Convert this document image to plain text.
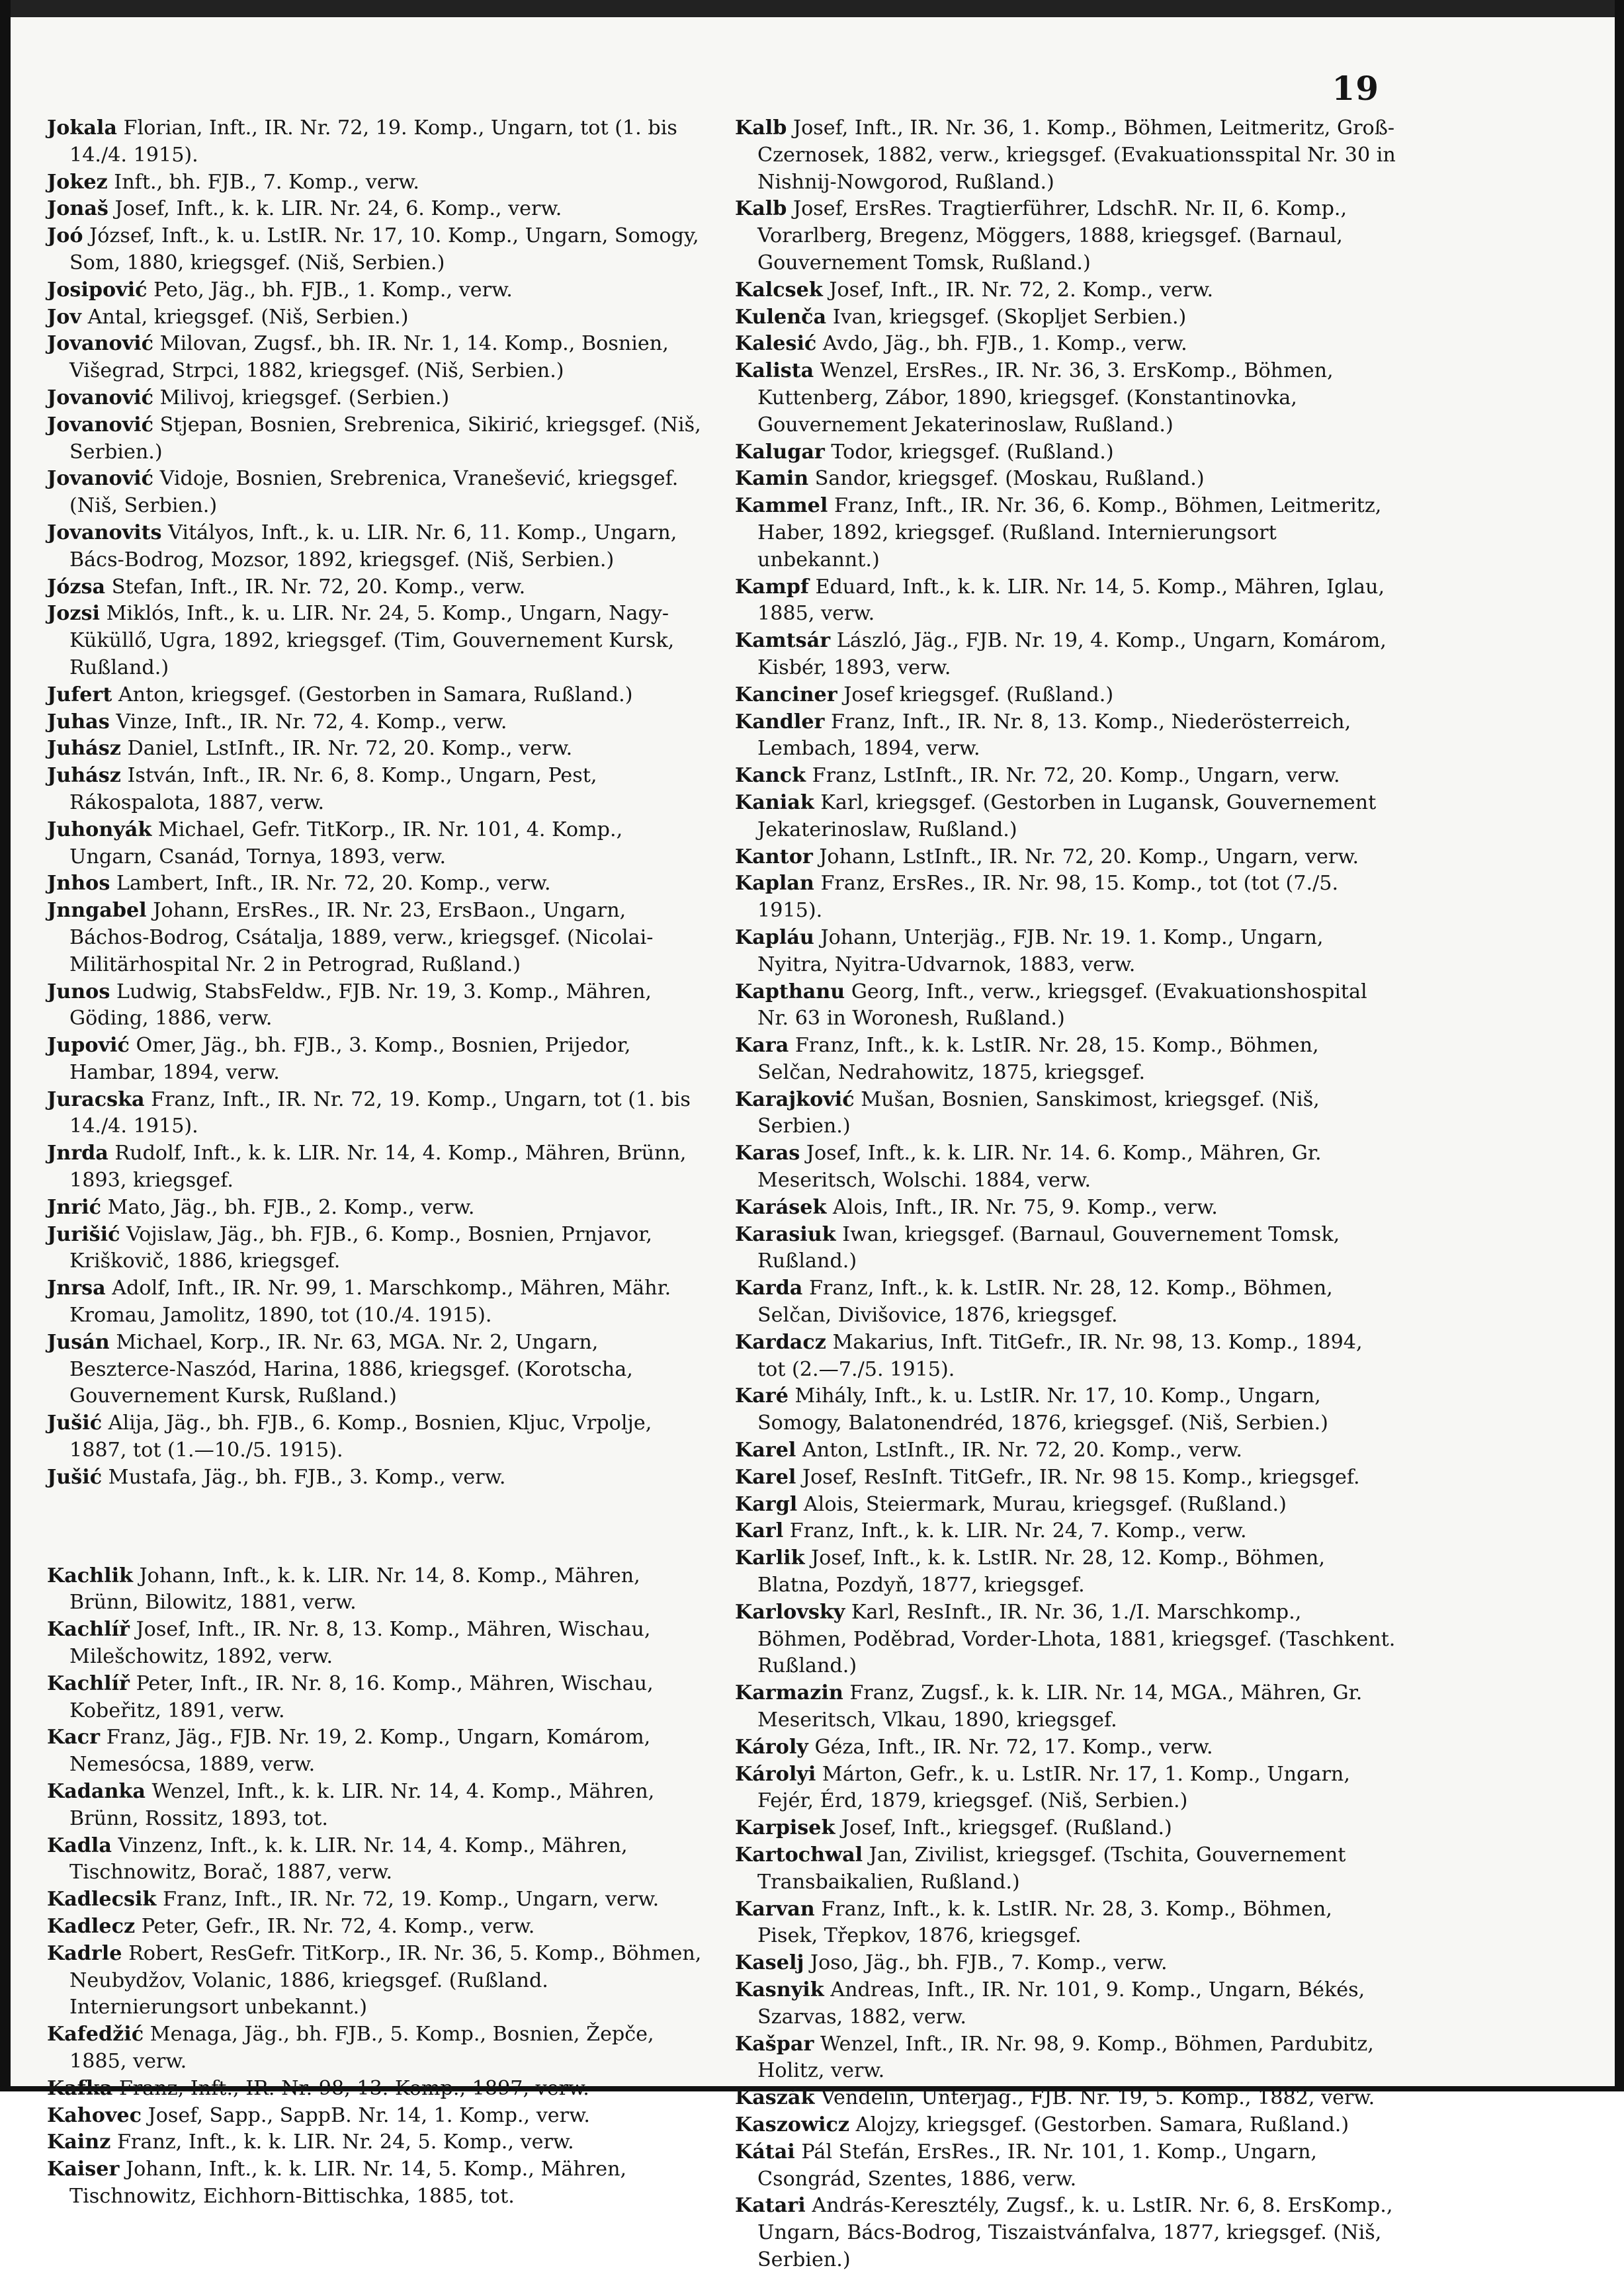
19
Jokala Florian, Inft., IR. Nr. 72, 19. Komp., Ungarn, tot (1. bis 14./4. 1915).
Jokez Inft., bh. FJB., 7. Komp., verw.
Jonaš Josef, Inft., k. k. LIR. Nr. 24, 6. Komp., verw.
Joó József, Inft., k. u. LstIR. Nr. 17, 10. Komp., Ungarn, Somogy, Som, 1880, kriegsgef. (Niš, Serbien.)
Josipović Peto, Jäg., bh. FJB., 1. Komp., verw.
Jov Antal, kriegsgef. (Niš, Serbien.)
Jovanović Milovan, Zugsf., bh. IR. Nr. 1, 14. Komp., Bosnien, Višegrad, Strpci, 1882, kriegsgef. (Niš, Serbien.)
Jovanović Milivoj, kriegsgef. (Serbien.)
Jovanović Stjepan, Bosnien, Srebrenica, Sikirić, kriegsgef. (Niš, Serbien.)
Jovanović Vidoje, Bosnien, Srebrenica, Vranešević, kriegsgef. (Niš, Serbien.)
Jovanovits Vitályos, Inft., k. u. LIR. Nr. 6, 11. Komp., Ungarn, Bács-Bodrog, Mozsor, 1892, kriegsgef. (Niš, Serbien.)
Józsa Stefan, Inft., IR. Nr. 72, 20. Komp., verw.
Jozsi Miklós, Inft., k. u. LIR. Nr. 24, 5. Komp., Ungarn, Nagy-Küküllő, Ugra, 1892, kriegsgef. (Tim, Gouvernement Kursk, Rußland.)
Jufert Anton, kriegsgef. (Gestorben in Samara, Rußland.)
Juhas Vinze, Inft., IR. Nr. 72, 4. Komp., verw.
Juhász Daniel, LstInft., IR. Nr. 72, 20. Komp., verw.
Juhász István, Inft., IR. Nr. 6, 8. Komp., Ungarn, Pest, Rákospalota, 1887, verw.
Juhonyák Michael, Gefr. TitKorp., IR. Nr. 101, 4. Komp., Ungarn, Csanád, Tornya, 1893, verw.
Jnhos Lambert, Inft., IR. Nr. 72, 20. Komp., verw.
Jnngabel Johann, ErsRes., IR. Nr. 23, ErsBaon., Ungarn, Báchos-Bodrog, Csátalja, 1889, verw., kriegsgef. (Nicolai-Militärhospital Nr. 2 in Petrograd, Rußland.)
Junos Ludwig, StabsFeldw., FJB. Nr. 19, 3. Komp., Mähren, Göding, 1886, verw.
Jupović Omer, Jäg., bh. FJB., 3. Komp., Bosnien, Prijedor, Hambar, 1894, verw.
Juracska Franz, Inft., IR. Nr. 72, 19. Komp., Ungarn, tot (1. bis 14./4. 1915).
Jnrda Rudolf, Inft., k. k. LIR. Nr. 14, 4. Komp., Mähren, Brünn, 1893, kriegsgef.
Jnrić Mato, Jäg., bh. FJB., 2. Komp., verw.
Jurišić Vojislaw, Jäg., bh. FJB., 6. Komp., Bosnien, Prnjavor, Kriškovič, 1886, kriegsgef.
Jnrsa Adolf, Inft., IR. Nr. 99, 1. Marschkomp., Mähren, Mähr. Kromau, Jamolitz, 1890, tot (10./4. 1915).
Jusán Michael, Korp., IR. Nr. 63, MGA. Nr. 2, Ungarn, Beszterce-Naszód, Harina, 1886, kriegsgef. (Korotscha, Gouvernement Kursk, Rußland.)
Jušić Alija, Jäg., bh. FJB., 6. Komp., Bosnien, Kljuc, Vrpolje, 1887, tot (1.—10./5. 1915).
Jušić Mustafa, Jäg., bh. FJB., 3. Komp., verw.
Kachlik Johann, Inft., k. k. LIR. Nr. 14, 8. Komp., Mähren, Brünn, Bilowitz, 1881, verw.
Kachlíř Josef, Inft., IR. Nr. 8, 13. Komp., Mähren, Wischau, Milešchowitz, 1892, verw.
Kachlíř Peter, Inft., IR. Nr. 8, 16. Komp., Mähren, Wischau, Kobeřitz, 1891, verw.
Kacr Franz, Jäg., FJB. Nr. 19, 2. Komp., Ungarn, Komárom, Nemesócsa, 1889, verw.
Kadanka Wenzel, Inft., k. k. LIR. Nr. 14, 4. Komp., Mähren, Brünn, Rossitz, 1893, tot.
Kadla Vinzenz, Inft., k. k. LIR. Nr. 14, 4. Komp., Mähren, Tischnowitz, Borač, 1887, verw.
Kadlecsik Franz, Inft., IR. Nr. 72, 19. Komp., Ungarn, verw.
Kadlecz Peter, Gefr., IR. Nr. 72, 4. Komp., verw.
Kadrle Robert, ResGefr. TitKorp., IR. Nr. 36, 5. Komp., Böhmen, Neubydžov, Volanic, 1886, kriegsgef. (Rußland. Internierungsort unbekannt.)
Kafedžić Menaga, Jäg., bh. FJB., 5. Komp., Bosnien, Žepče, 1885, verw.
Kafka Franz, Inft., IR. Nr. 98, 13. Komp., 1897, verw.
Kahovec Josef, Sapp., SappB. Nr. 14, 1. Komp., verw.
Kainz Franz, Inft., k. k. LIR. Nr. 24, 5. Komp., verw.
Kaiser Johann, Inft., k. k. LIR. Nr. 14, 5. Komp., Mähren, Tischnowitz, Eichhorn-Bittischka, 1885, tot.
Kalb Josef, Inft., IR. Nr. 36, 1. Komp., Böhmen, Leitmeritz, Groß-Czernosek, 1882, verw., kriegsgef. (Evakuationsspital Nr. 30 in Nishnij-Nowgorod, Rußland.)
Kalb Josef, ErsRes. Tragtierführer, LdschR. Nr. II, 6. Komp., Vorarlberg, Bregenz, Möggers, 1888, kriegsgef. (Barnaul, Gouvernement Tomsk, Rußland.)
Kalcsek Josef, Inft., IR. Nr. 72, 2. Komp., verw.
Kulenča Ivan, kriegsgef. (Skopljet Serbien.)
Kalesić Avdo, Jäg., bh. FJB., 1. Komp., verw.
Kalista Wenzel, ErsRes., IR. Nr. 36, 3. ErsKomp., Böhmen, Kuttenberg, Zábor, 1890, kriegsgef. (Konstantinovka, Gouvernement Jekaterinoslaw, Rußland.)
Kalugar Todor, kriegsgef. (Rußland.)
Kamin Sandor, kriegsgef. (Moskau, Rußland.)
Kammel Franz, Inft., IR. Nr. 36, 6. Komp., Böhmen, Leitmeritz, Haber, 1892, kriegsgef. (Rußland. Internierungsort unbekannt.)
Kampf Eduard, Inft., k. k. LIR. Nr. 14, 5. Komp., Mähren, Iglau, 1885, verw.
Kamtsár László, Jäg., FJB. Nr. 19, 4. Komp., Ungarn, Komárom, Kisbér, 1893, verw.
Kanciner Josef kriegsgef. (Rußland.)
Kandler Franz, Inft., IR. Nr. 8, 13. Komp., Niederösterreich, Lembach, 1894, verw.
Kanck Franz, LstInft., IR. Nr. 72, 20. Komp., Ungarn, verw.
Kaniak Karl, kriegsgef. (Gestorben in Lugansk, Gouvernement Jekaterinoslaw, Rußland.)
Kantor Johann, LstInft., IR. Nr. 72, 20. Komp., Ungarn, verw.
Kaplan Franz, ErsRes., IR. Nr. 98, 15. Komp., tot (tot (7./5. 1915).
Kapláu Johann, Unterjäg., FJB. Nr. 19. 1. Komp., Ungarn, Nyitra, Nyitra-Udvarnok, 1883, verw.
Kapthanu Georg, Inft., verw., kriegsgef. (Evakuationshospital Nr. 63 in Woronesh, Rußland.)
Kara Franz, Inft., k. k. LstIR. Nr. 28, 15. Komp., Böhmen, Selčan, Nedrahowitz, 1875, kriegsgef.
Karajković Mušan, Bosnien, Sanskimost, kriegsgef. (Niš, Serbien.)
Karas Josef, Inft., k. k. LIR. Nr. 14. 6. Komp., Mähren, Gr. Meseritsch, Wolschi. 1884, verw.
Karásek Alois, Inft., IR. Nr. 75, 9. Komp., verw.
Karasiuk Iwan, kriegsgef. (Barnaul, Gouvernement Tomsk, Rußland.)
Karda Franz, Inft., k. k. LstIR. Nr. 28, 12. Komp., Böhmen, Selčan, Divišovice, 1876, kriegsgef.
Kardacz Makarius, Inft. TitGefr., IR. Nr. 98, 13. Komp., 1894, tot (2.—7./5. 1915).
Karé Mihály, Inft., k. u. LstIR. Nr. 17, 10. Komp., Ungarn, Somogy, Balatonendréd, 1876, kriegsgef. (Niš, Serbien.)
Karel Anton, LstInft., IR. Nr. 72, 20. Komp., verw.
Karel Josef, ResInft. TitGefr., IR. Nr. 98 15. Komp., kriegsgef.
Kargl Alois, Steiermark, Murau, kriegsgef. (Rußland.)
Karl Franz, Inft., k. k. LIR. Nr. 24, 7. Komp., verw.
Karlik Josef, Inft., k. k. LstIR. Nr. 28, 12. Komp., Böhmen, Blatna, Pozdyň, 1877, kriegsgef.
Karlovsky Karl, ResInft., IR. Nr. 36, 1./I. Marschkomp., Böhmen, Poděbrad, Vorder-Lhota, 1881, kriegsgef. (Taschkent. Rußland.)
Karmazin Franz, Zugsf., k. k. LIR. Nr. 14, MGA., Mähren, Gr. Meseritsch, Vlkau, 1890, kriegsgef.
Károly Géza, Inft., IR. Nr. 72, 17. Komp., verw.
Károlyi Márton, Gefr., k. u. LstIR. Nr. 17, 1. Komp., Ungarn, Fejér, Érd, 1879, kriegsgef. (Niš, Serbien.)
Karpisek Josef, Inft., kriegsgef. (Rußland.)
Kartochwal Jan, Zivilist, kriegsgef. (Tschita, Gouvernement Transbaikalien, Rußland.)
Karvan Franz, Inft., k. k. LstIR. Nr. 28, 3. Komp., Böhmen, Pisek, Třepkov, 1876, kriegsgef.
Kaselj Joso, Jäg., bh. FJB., 7. Komp., verw.
Kasnyik Andreas, Inft., IR. Nr. 101, 9. Komp., Ungarn, Békés, Szarvas, 1882, verw.
Kašpar Wenzel, Inft., IR. Nr. 98, 9. Komp., Böhmen, Pardubitz, Holitz, verw.
Kaszák Vendelin, Unterjäg., FJB. Nr. 19, 5. Komp., 1882, verw.
Kaszowicz Alojzy, kriegsgef. (Gestorben. Samara, Rußland.)
Kátai Pál Stefán, ErsRes., IR. Nr. 101, 1. Komp., Ungarn, Csongrád, Szentes, 1886, verw.
Katari András-Keresztély, Zugsf., k. u. LstIR. Nr. 6, 8. ErsKomp., Ungarn, Bács-Bodrog, Tiszaistvánfalva, 1877, kriegsgef. (Niš, Serbien.)
